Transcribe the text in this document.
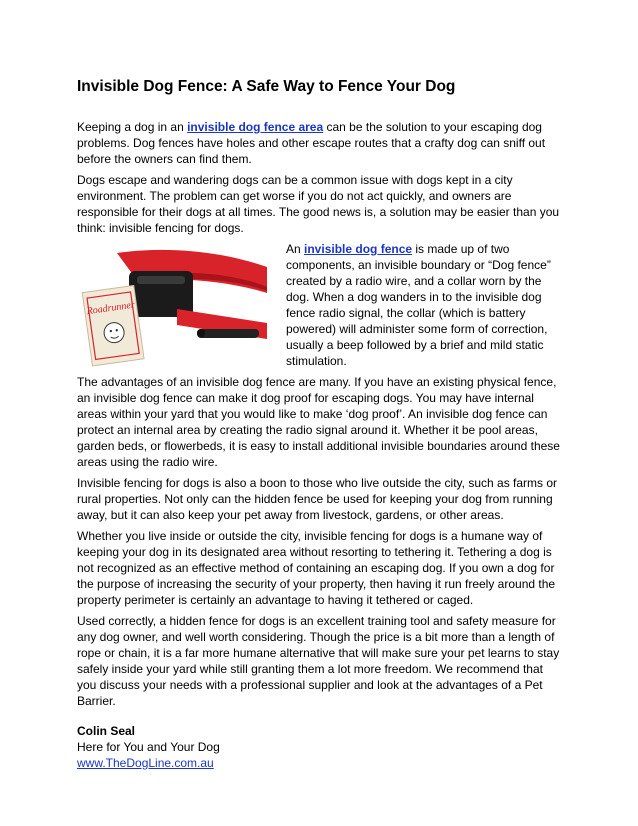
Invisible Dog Fence: A Safe Way to Fence Your Dog

Keeping a dog in an invisible dog fence area can be the solution to your escaping dog problems. Dog fences have holes and other escape routes that a crafty dog can sniff out before the owners can find them.

Dogs escape and wandering dogs can be a common issue with dogs kept in a city environment. The problem can get worse if you do not act quickly, and owners are responsible for their dogs at all times. The good news is, a solution may be easier than you think: invisible fencing for dogs.

Roadrunner

An invisible dog fence is made up of two components, an invisible boundary or “Dog fence” created by a radio wire, and a collar worn by the dog. When a dog wanders in to the invisible dog fence radio signal, the collar (which is battery powered) will administer some form of correction, usually a beep followed by a brief and mild static stimulation.

The advantages of an invisible dog fence are many. If you have an existing physical fence, an invisible dog fence can make it dog proof for escaping dogs. You may have internal areas within your yard that you would like to make ‘dog proof’. An invisible dog fence can protect an internal area by creating the radio signal around it. Whether it be pool areas, garden beds, or flowerbeds, it is easy to install additional invisible boundaries around these areas using the radio wire.

Invisible fencing for dogs is also a boon to those who live outside the city, such as farms or rural properties. Not only can the hidden fence be used for keeping your dog from running away, but it can also keep your pet away from livestock, gardens, or other areas.

Whether you live inside or outside the city, invisible fencing for dogs is a humane way of keeping your dog in its designated area without resorting to tethering it. Tethering a dog is not recognized as an effective method of containing an escaping dog. If you own a dog for the purpose of increasing the security of your property, then having it run freely around the property perimeter is certainly an advantage to having it tethered or caged.

Used correctly, a hidden fence for dogs is an excellent training tool and safety measure for any dog owner, and well worth considering. Though the price is a bit more than a length of rope or chain, it is a far more humane alternative that will make sure your pet learns to stay safely inside your yard while still granting them a lot more freedom. We recommend that you discuss your needs with a professional supplier and look at the advantages of a Pet Barrier.

Colin Seal
Here for You and Your Dog
www.TheDogLine.com.au
